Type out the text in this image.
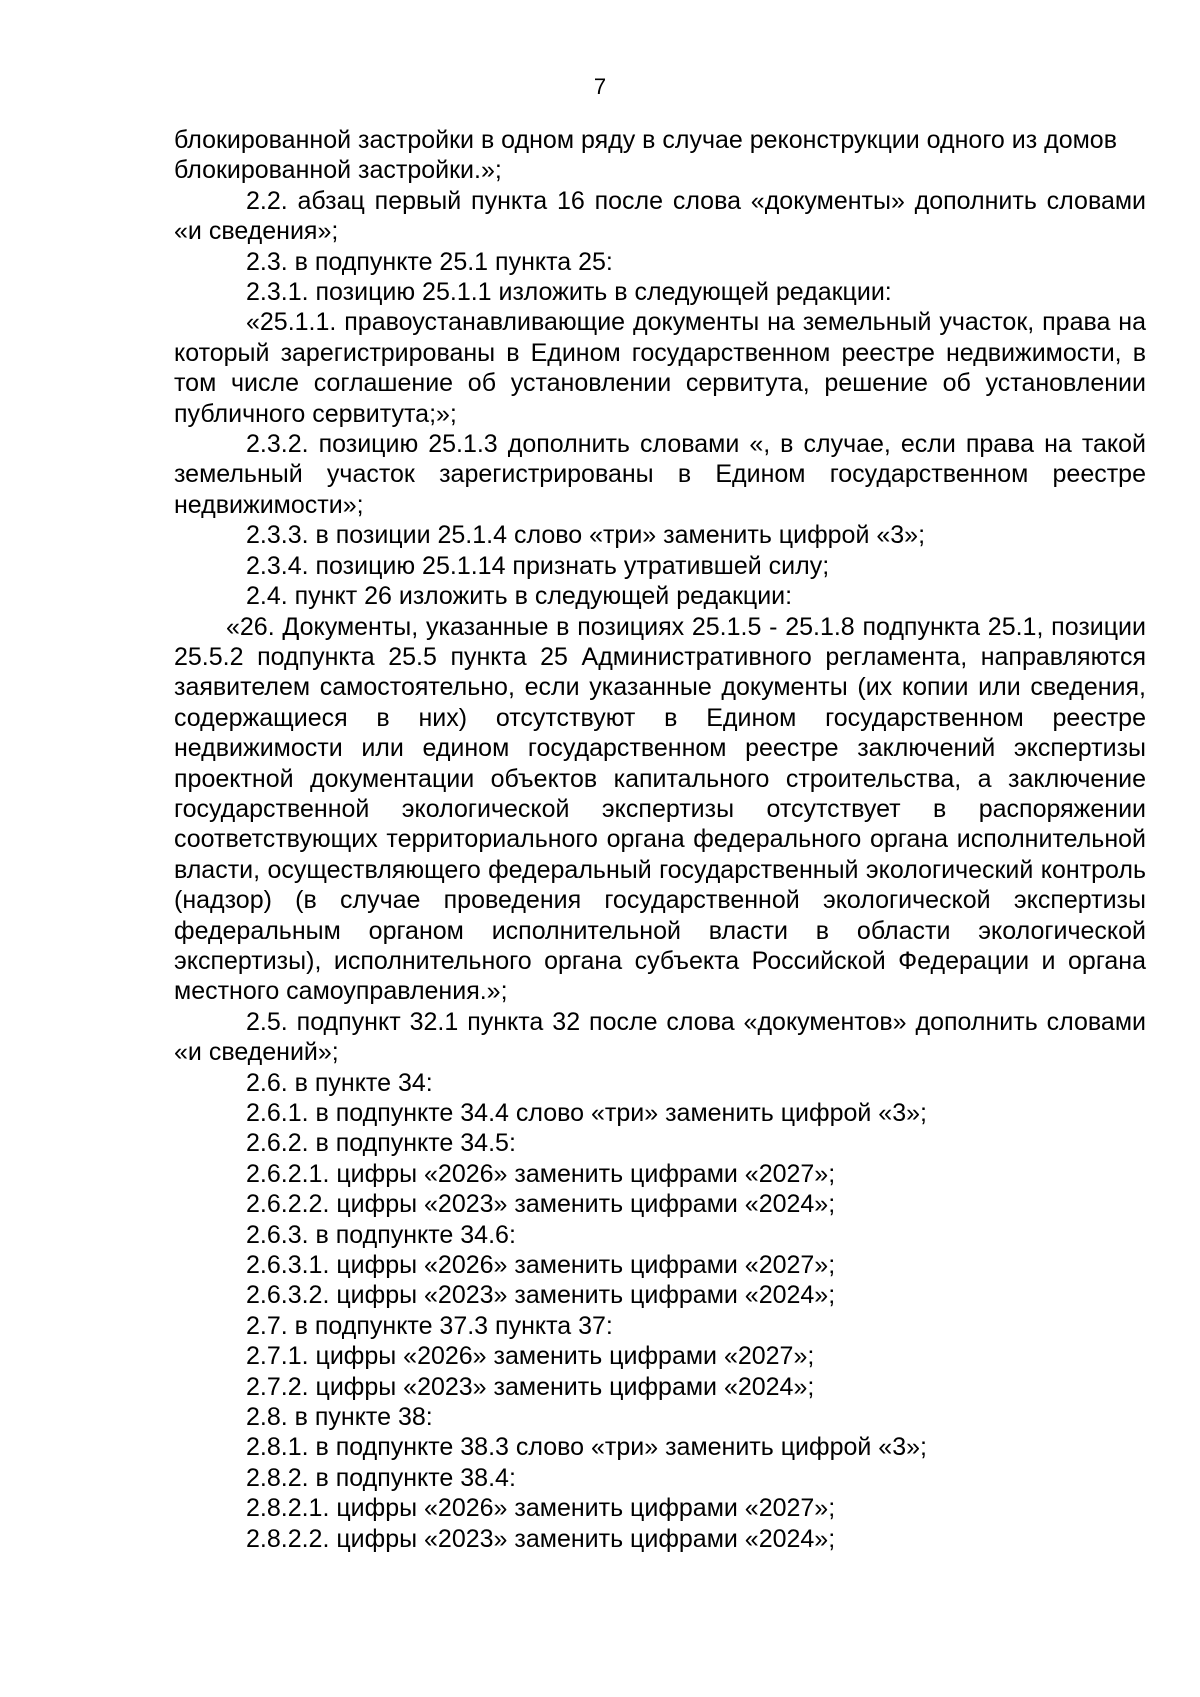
7

блокированной застройки в одном ряду в случае реконструкции одного из домов блокированной застройки.»;

2.2. абзац первый пункта 16 после слова «документы» дополнить словами «и сведения»;

2.3. в подпункте 25.1 пункта 25:

2.3.1. позицию 25.1.1 изложить в следующей редакции:

«25.1.1. правоустанавливающие документы на земельный участок, права на который зарегистрированы в Едином государственном реестре недвижимости, в том числе соглашение об установлении сервитута, решение об установлении публичного сервитута;»;

2.3.2. позицию 25.1.3 дополнить словами «, в случае, если права на такой земельный участок зарегистрированы в Едином государственном реестре недвижимости»;

2.3.3. в позиции 25.1.4 слово «три» заменить цифрой «3»;

2.3.4. позицию 25.1.14 признать утратившей силу;

2.4. пункт 26 изложить в следующей редакции:

«26. Документы, указанные в позициях 25.1.5 - 25.1.8 подпункта 25.1, позиции 25.5.2 подпункта 25.5 пункта 25 Административного регламента, направляются заявителем самостоятельно, если указанные документы (их копии или сведения, содержащиеся в них) отсутствуют в Едином государственном реестре недвижимости или едином государственном реестре заключений экспертизы проектной документации объектов капитального строительства, а заключение государственной экологической экспертизы отсутствует в распоряжении соответствующих территориального органа федерального органа исполнительной власти, осуществляющего федеральный государственный экологический контроль (надзор) (в случае проведения государственной экологической экспертизы федеральным органом исполнительной власти в области экологической экспертизы), исполнительного органа субъекта Российской Федерации и органа местного самоуправления.»;

2.5. подпункт 32.1 пункта 32 после слова «документов» дополнить словами «и сведений»;

2.6. в пункте 34:

2.6.1. в подпункте 34.4 слово «три» заменить цифрой «3»;

2.6.2. в подпункте 34.5:

2.6.2.1. цифры «2026» заменить цифрами «2027»;

2.6.2.2. цифры «2023» заменить цифрами «2024»;

2.6.3. в подпункте 34.6:

2.6.3.1. цифры «2026» заменить цифрами «2027»;

2.6.3.2. цифры «2023» заменить цифрами «2024»;

2.7. в подпункте 37.3 пункта 37:

2.7.1. цифры «2026» заменить цифрами «2027»;

2.7.2. цифры «2023» заменить цифрами «2024»;

2.8. в пункте 38:

2.8.1. в подпункте 38.3 слово «три» заменить цифрой «3»;

2.8.2. в подпункте 38.4:

2.8.2.1. цифры «2026» заменить цифрами «2027»;

2.8.2.2. цифры «2023» заменить цифрами «2024»;
